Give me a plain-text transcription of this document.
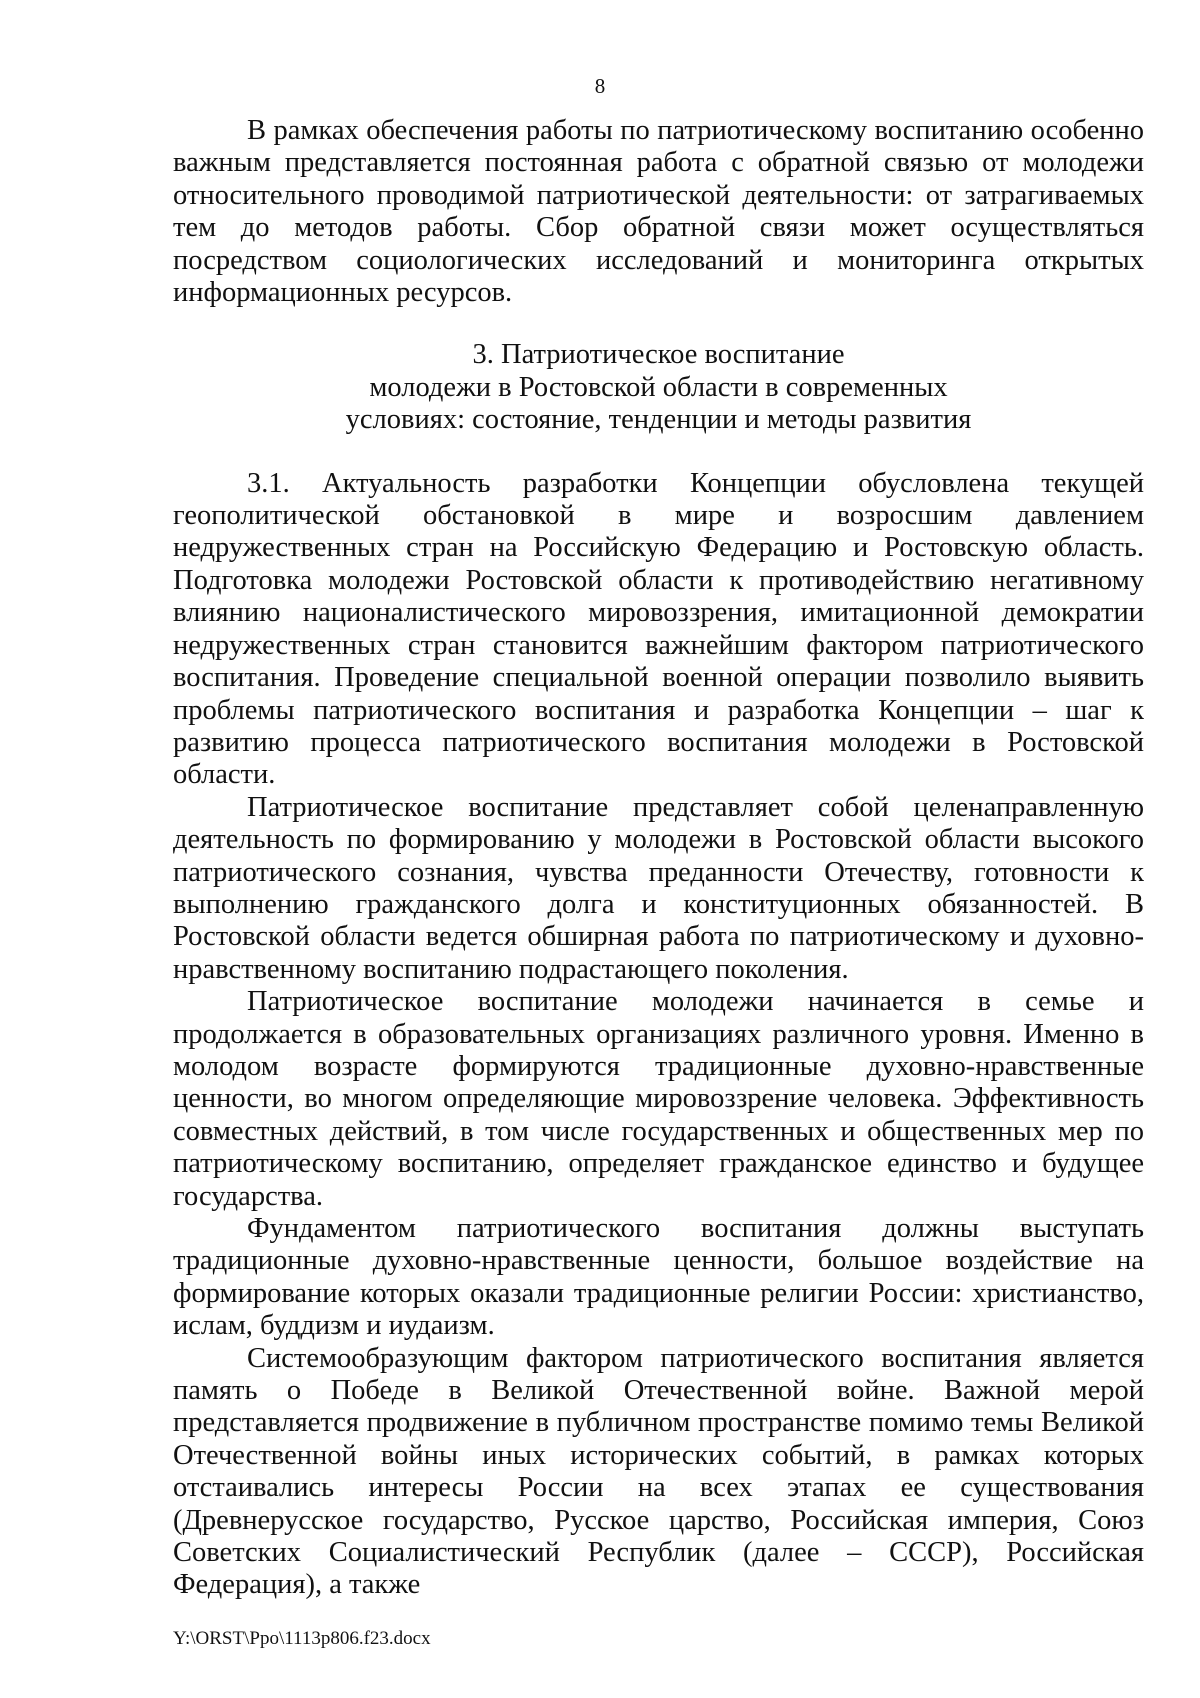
8

В рамках обеспечения работы по патриотическому воспитанию особенно важным представляется постоянная работа с обратной связью от молодежи относительного проводимой патриотической деятельности: от затрагиваемых тем до методов работы. Сбор обратной связи может осуществляться посредством социологических исследований и мониторинга открытых информационных ресурсов.

3. Патриотическое воспитание
молодежи в Ростовской области в современных
условиях: состояние, тенденции и методы развития

3.1. Актуальность разработки Концепции обусловлена текущей геополитической обстановкой в мире и возросшим давлением недружественных стран на Российскую Федерацию и Ростовскую область. Подготовка молодежи Ростовской области к противодействию негативному влиянию националистического мировоззрения, имитационной демократии недружественных стран становится важнейшим фактором патриотического воспитания. Проведение специальной военной операции позволило выявить проблемы патриотического воспитания и разработка Концепции – шаг к развитию процесса патриотического воспитания молодежи в Ростовской области.

Патриотическое воспитание представляет собой целенаправленную деятельность по формированию у молодежи в Ростовской области высокого патриотического сознания, чувства преданности Отечеству, готовности к выполнению гражданского долга и конституционных обязанностей. В Ростовской области ведется обширная работа по патриотическому и духовно-нравственному воспитанию подрастающего поколения.

Патриотическое воспитание молодежи начинается в семье и продолжается в образовательных организациях различного уровня. Именно в молодом возрасте формируются традиционные духовно-нравственные ценности, во многом определяющие мировоззрение человека. Эффективность совместных действий, в том числе государственных и общественных мер по патриотическому воспитанию, определяет гражданское единство и будущее государства.

Фундаментом патриотического воспитания должны выступать традиционные духовно-нравственные ценности, большое воздействие на формирование которых оказали традиционные религии России: христианство, ислам, буддизм и иудаизм.

Системообразующим фактором патриотического воспитания является память о Победе в Великой Отечественной войне. Важной мерой представляется продвижение в публичном пространстве помимо темы Великой Отечественной войны иных исторических событий, в рамках которых отстаивались интересы России на всех этапах ее существования (Древнерусское государство, Русское царство, Российская империя, Союз Советских Социалистический Республик (далее – СССР), Российская Федерация), а также

Y:\ORST\Ppo\1113p806.f23.docx
